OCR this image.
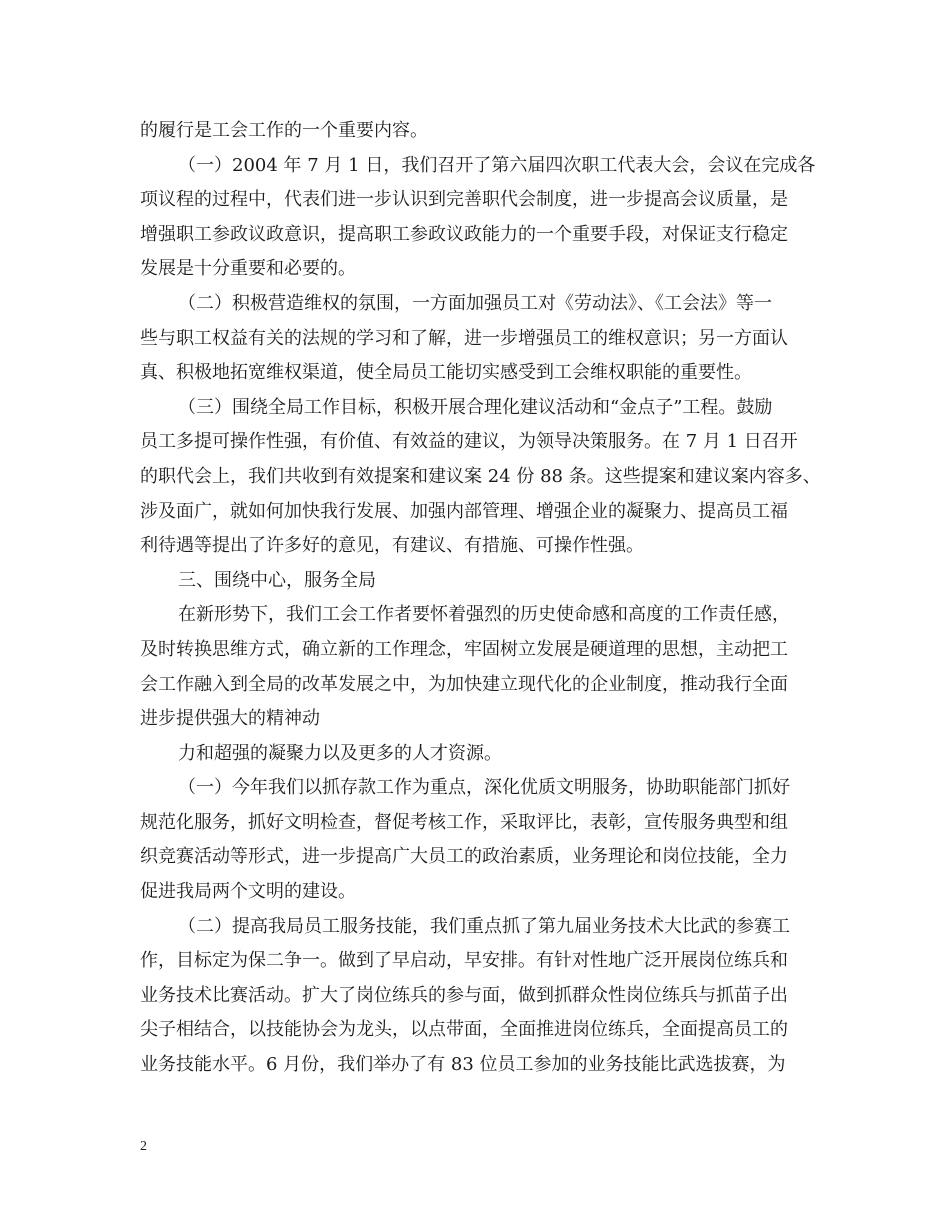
的履行是工会工作的一个重要内容。
（一）2004 年 7 月 1 日，我们召开了第六届四次职工代表大会，会议在完成各
项议程的过程中，代表们进一步认识到完善职代会制度，进一步提高会议质量，是
增强职工参政议政意识，提高职工参政议政能力的一个重要手段，对保证支行稳定
发展是十分重要和必要的。
（二）积极营造维权的氛围，一方面加强员工对《劳动法》、《工会法》等一
些与职工权益有关的法规的学习和了解，进一步增强员工的维权意识；另一方面认
真、积极地拓宽维权渠道，使全局员工能切实感受到工会维权职能的重要性。
（三）围绕全局工作目标，积极开展合理化建议活动和“金点子”工程。鼓励
员工多提可操作性强，有价值、有效益的建议，为领导决策服务。在 7 月 1 日召开
的职代会上，我们共收到有效提案和建议案 24 份 88 条。这些提案和建议案内容多、
涉及面广，就如何加快我行发展、加强内部管理、增强企业的凝聚力、提高员工福
利待遇等提出了许多好的意见，有建议、有措施、可操作性强。
三、围绕中心，服务全局
在新形势下，我们工会工作者要怀着强烈的历史使命感和高度的工作责任感，
及时转换思维方式，确立新的工作理念，牢固树立发展是硬道理的思想，主动把工
会工作融入到全局的改革发展之中，为加快建立现代化的企业制度，推动我行全面
进步提供强大的精神动
力和超强的凝聚力以及更多的人才资源。
（一）今年我们以抓存款工作为重点，深化优质文明服务，协助职能部门抓好
规范化服务，抓好文明检查，督促考核工作，采取评比，表彰，宣传服务典型和组
织竞赛活动等形式，进一步提高广大员工的政治素质，业务理论和岗位技能，全力
促进我局两个文明的建设。
（二）提高我局员工服务技能，我们重点抓了第九届业务技术大比武的参赛工
作，目标定为保二争一。做到了早启动，早安排。有针对性地广泛开展岗位练兵和
业务技术比赛活动。扩大了岗位练兵的参与面，做到抓群众性岗位练兵与抓苗子出
尖子相结合，以技能协会为龙头，以点带面，全面推进岗位练兵，全面提高员工的
业务技能水平。6 月份，我们举办了有 83 位员工参加的业务技能比武选拔赛，为
2
